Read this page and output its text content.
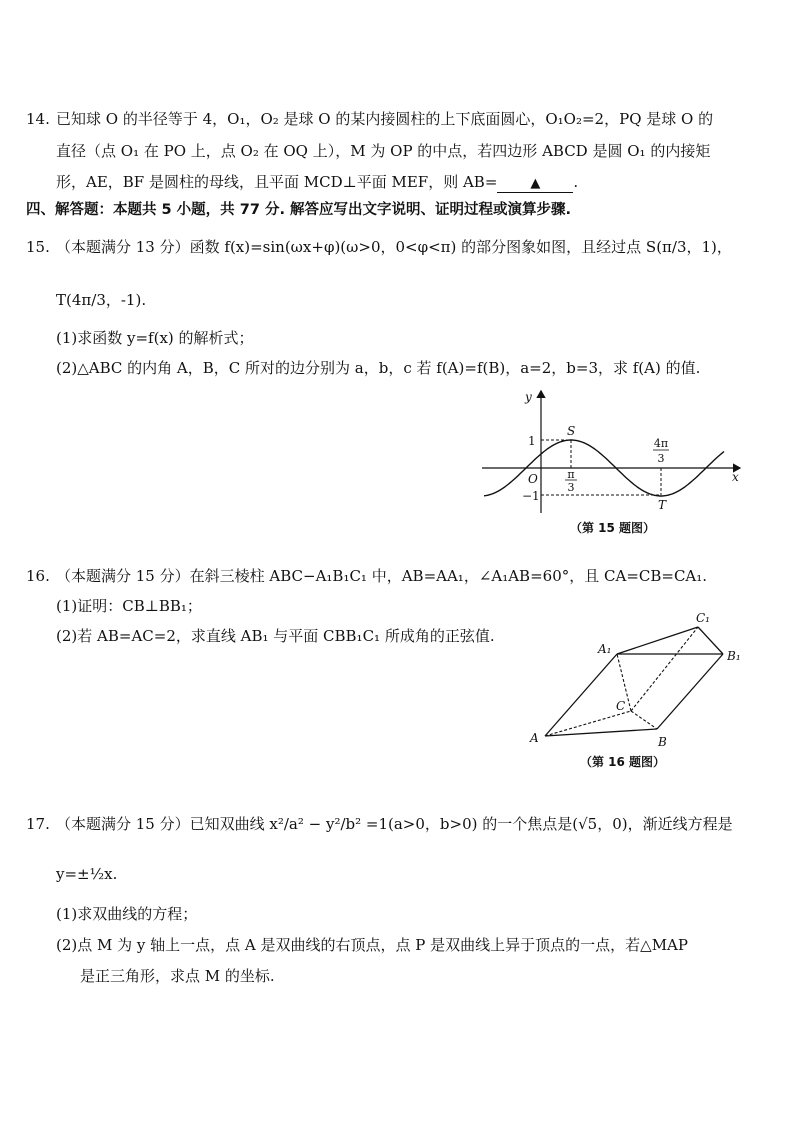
14. 已知球 O 的半径等于 4，O₁，O₂ 是球 O 的某内接圆柱的上下底面圆心，O₁O₂=2，PQ 是球 O 的
直径（点 O₁ 在 PO 上，点 O₂ 在 OQ 上），M 为 OP 的中点，若四边形 ABCD 是圆 O₁ 的内接矩
形，AE，BF 是圆柱的母线，且平面 MCD⊥平面 MEF，则 AB=	▲ .
四、解答题：本题共 5 小题，共 77 分. 解答应写出文字说明、证明过程或演算步骤.
15. （本题满分 13 分）函数 f(x)=sin(ωx+φ)(ω>0，0<φ<π) 的部分图象如图，且经过点 S(π/3，1)，
T(4π/3，-1).
(1)求函数 y=f(x) 的解析式；
(2)△ABC 的内角 A，B，C 所对的边分别为 a，b，c 若 f(A)=f(B)，a=2，b=3，求 f(A) 的值.
y
x
O
1
−1
S
T
π
3
4π
3
（第 15 题图）
16. （本题满分 15 分）在斜三棱柱 ABC−A₁B₁C₁ 中，AB=AA₁，∠A₁AB=60°，且 CA=CB=CA₁.
(1)证明：CB⊥BB₁；
(2)若 AB=AC=2，求直线 AB₁ 与平面 CBB₁C₁ 所成角的正弦值.
A	B
C
A₁	B₁
C₁
（第 16 题图）
17. （本题满分 15 分）已知双曲线 x²/a² − y²/b² =1(a>0，b>0) 的一个焦点是(√5，0)，渐近线方程是
y=±½x.
(1)求双曲线的方程；
(2)点 M 为 y 轴上一点，点 A 是双曲线的右顶点，点 P 是双曲线上异于顶点的一点，若△MAP
是正三角形，求点 M 的坐标.
